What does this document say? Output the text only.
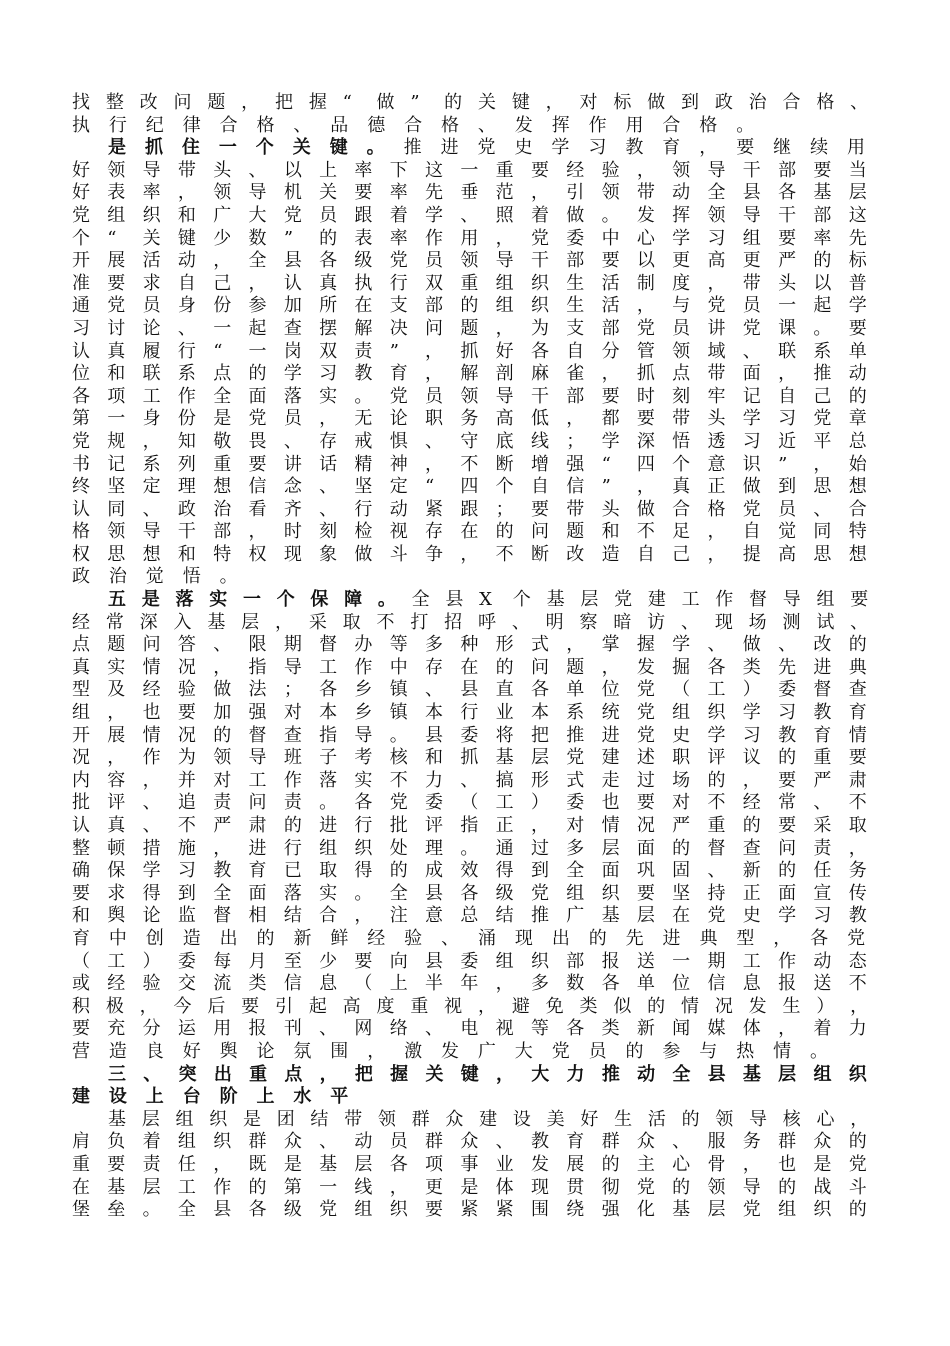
找 整 改 问 题 ， 把 握 “ 做 ” 的 关 键 ， 对 标 做 到 政 治 合 格 、
执 行 纪 律 合 格 、 品 德 合 格 、 发 挥 作 用 合 格 。
是 抓 住 一 个 关 键 。 推 进 党 史 学 习 教 育 ， 要 继 续 用
好 领 导 带 头 、 以 上 率 下 这 一 重 要 经 验 ， 领 导 干 部 要 当
好 表 率 ， 领 导 机 关 要 率 先 垂 范 ， 引 领 带 动 全 县 各 基 层
党 组 织 和 广 大 党 员 跟 着 学 、 照 着 做 。 发 挥 领 导 干 部 这
个 “ 关 键 少 数 ” 的 表 率 作 用 ， 党 委 中 心 学 习 组 要 率 先
开 展 活 动 ， 全 县 各 级 党 员 领 导 干 部 要 以 更 高 更 严 的 标
准 要 求 自 己 ， 认 真 执 行 双 重 组 织 生 活 制 度 ， 带 头 以 普
通 党 员 身 份 参 加 所 在 支 部 的 组 织 生 活 ， 与 党 员 一 起 学
习 讨 论 、 一 起 查 摆 解 决 问 题 ， 为 支 部 党 员 讲 党 课 。 要
认 真 履 行 “ 一 岗 双 责 ” ， 抓 好 各 自 分 管 领 域 、 联 系 单
位 和 联 系 点 的 学 习 教 育 ， 解 剖 麻 雀 ， 抓 点 带 面 ， 推 动
各 项 工 作 全 面 落 实 。 党 员 领 导 干 部 要 时 刻 牢 记 自 己 的
第 一 身 份 是 党 员 ， 无 论 职 务 高 低 ， 都 要 带 头 学 习 党 章
党 规 ， 知 敬 畏 、 存 戒 惧 、 守 底 线 ； 学 深 悟 透 习 近 平 总
书 记 系 列 重 要 讲 话 精 神 ， 不 断 增 强 “ 四 个 意 识 ” ， 始
终 坚 定 理 想 信 念 、 坚 定 “ 四 个 自 信 ” ， 真 正 做 到 思 想
认 同 、 政 治 看 齐 、 行 动 紧 跟 ； 要 带 头 做 合 格 党 员 、 合
格 领 导 干 部 ， 时 刻 检 视 存 在 的 问 题 和 不 足 ， 自 觉 同 特
权 思 想 和 特 权 现 象 做 斗 争 ， 不 断 改 造 自 己 ， 提 高 思 想
政 治 觉 悟 。
五 是 落 实 一 个 保 障 。 全 县 X 个 基 层 党 建 工 作 督 导 组 要
经 常 深 入 基 层 ， 采 取 不 打 招 呼 、 明 察 暗 访 、 现 场 测 试 、
点 题 问 答 、 限 期 督 办 等 多 种 形 式 ， 掌 握 学 、 做 、 改 的
真 实 情 况 ， 指 导 工 作 中 存 在 的 问 题 ， 发 掘 各 类 先 进 典
型 及 经 验 做 法 ； 各 乡 镇 、 县 直 各 单 位 党 （ 工 ） 委 督 查
组 ， 也 要 加 强 对 本 乡 镇 本 行 业 本 系 统 党 组 织 学 习 教 育
开 展 情 况 的 督 查 指 导 。 县 委 将 把 推 进 党 史 学 习 教 育 情
况 ， 作 为 领 导 班 子 考 核 和 抓 基 层 党 建 述 职 评 议 的 重 要
内 容 ， 并 对 工 作 落 实 不 力 、 搞 形 式 走 过 场 的 ， 要 严 肃
批 评 、 追 责 问 责 。 各 党 委 （ 工 ） 委 也 要 对 不 经 常 、 不
认 真 、 不 严 肃 的 进 行 批 评 指 正 ， 对 情 况 严 重 的 要 采 取
整 顿 措 施 ， 进 行 组 织 处 理 。 通 过 多 层 面 的 督 查 问 责 ，
确 保 学 习 教 育 已 取 得 的 成 效 得 到 全 面 巩 固 、 新 的 任 务
要 求 得 到 全 面 落 实 。 全 县 各 级 党 组 织 要 坚 持 正 面 宣 传
和 舆 论 监 督 相 结 合 ， 注 意 总 结 推 广 基 层 在 党 史 学 习 教
育 中 创 造 出 的 新 鲜 经 验 、 涌 现 出 的 先 进 典 型 ， 各 党
（ 工 ） 委 每 月 至 少 要 向 县 委 组 织 部 报 送 一 期 工 作 动 态
或 经 验 交 流 类 信 息 （ 上 半 年 ， 多 数 各 单 位 信 息 报 送 不
积 极 ， 今 后 要 引 起 高 度 重 视 ， 避 免 类 似 的 情 况 发 生 ） ，
要 充 分 运 用 报 刊 、 网 络 、 电 视 等 各 类 新 闻 媒 体 ， 着 力
营 造 良 好 舆 论 氛 围 ， 激 发 广 大 党 员 的 参 与 热 情 。
三 、 突 出 重 点 ， 把 握 关 键 ， 大 力 推 动 全 县 基 层 组 织
建 设 上 台 阶 上 水 平
基 层 组 织 是 团 结 带 领 群 众 建 设 美 好 生 活 的 领 导 核 心 ，
肩 负 着 组 织 群 众 、 动 员 群 众 、 教 育 群 众 、 服 务 群 众 的
重 要 责 任 ， 既 是 基 层 各 项 事 业 发 展 的 主 心 骨 ， 也 是 党
在 基 层 工 作 的 第 一 线 ， 更 是 体 现 贯 彻 党 的 领 导 的 战 斗
堡 垒 。 全 县 各 级 党 组 织 要 紧 紧 围 绕 强 化 基 层 党 组 织 的
